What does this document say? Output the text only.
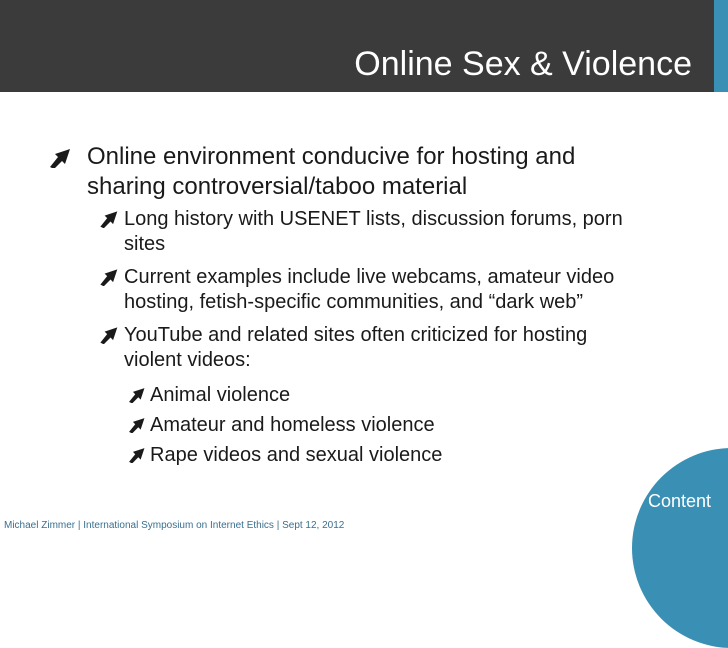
Online Sex & Violence
Online environment conducive for hosting and
sharing controversial/taboo material
Long history with USENET lists, discussion forums, porn
sites
Current examples include live webcams, amateur video
hosting, fetish-specific communities, and “dark web”
YouTube and related sites often criticized for hosting
violent videos:
Animal violence
Amateur and homeless violence
Rape videos and sexual violence
Content
Michael Zimmer | International Symposium on Internet Ethics | Sept 12, 2012
